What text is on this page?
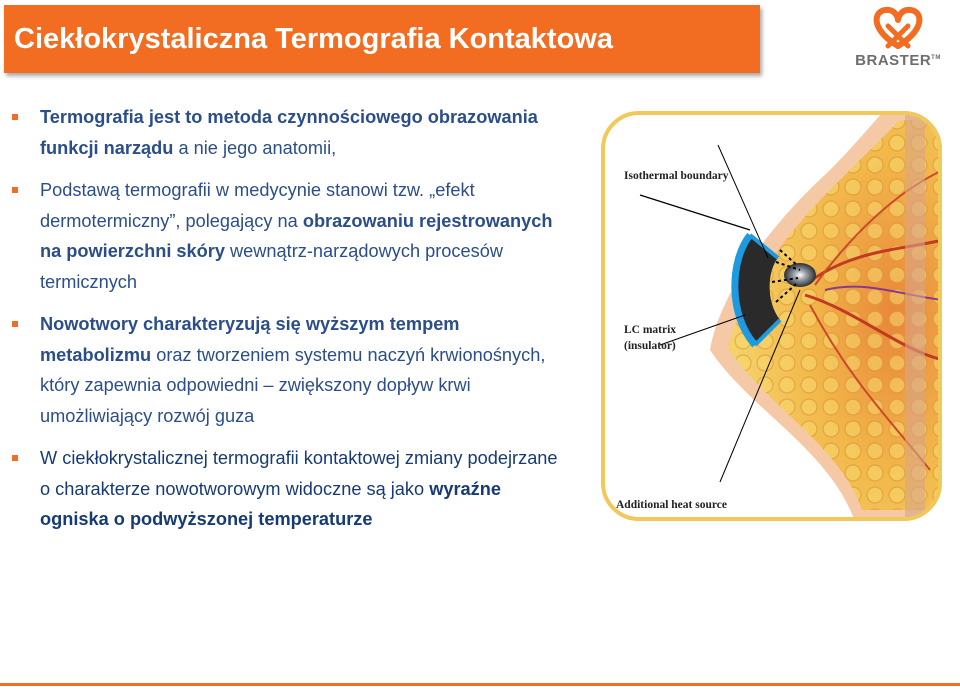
Ciekłokrystaliczna Termografia Kontaktowa
BRASTER™
Termografia jest to metoda czynnościowego obrazowania funkcji narządu a nie jego anatomii,
Podstawą termografii w medycynie stanowi tzw. „efekt dermotermiczny”, polegający na obrazowaniu rejestrowanych na powierzchni skóry wewnątrz-narządowych procesów termicznych
Nowotwory charakteryzują się wyższym tempem metabolizmu oraz tworzeniem systemu naczyń krwionośnych, który zapewnia odpowiedni – zwiększony dopływ krwi umożliwiający rozwój guza
W ciekłokrystalicznej termografii kontaktowej zmiany podejrzane o charakterze nowotworowym widoczne są jako wyraźne ogniska o podwyższonej temperaturze
Isothermal boundary
LC matrix
(insulator)
Additional heat source
